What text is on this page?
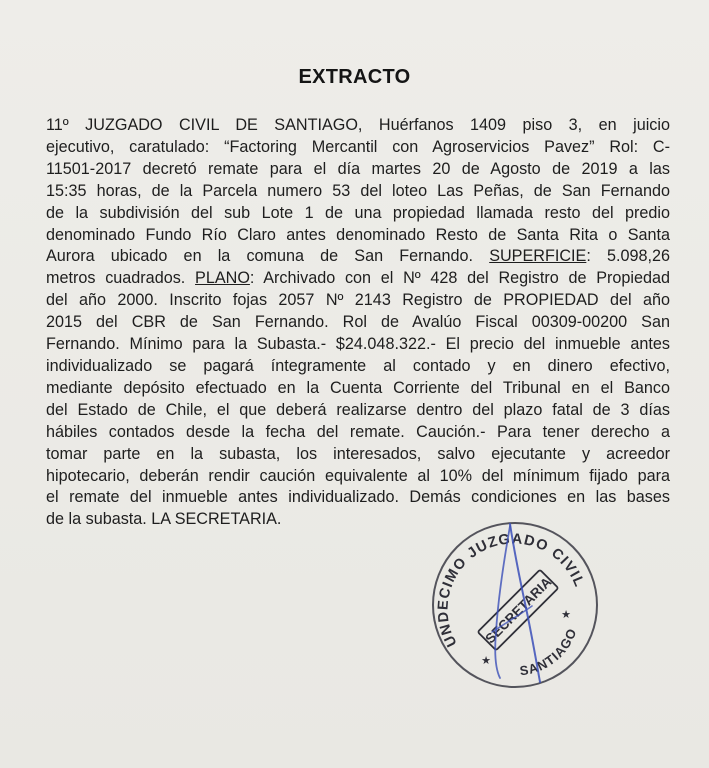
EXTRACTO
11º JUZGADO CIVIL DE SANTIAGO, Huérfanos 1409 piso 3, en juicio
ejecutivo, caratulado: “Factoring Mercantil con Agroservicios Pavez” Rol: C-
11501-2017 decretó remate para el día martes 20 de Agosto de 2019 a las
15:35 horas, de la Parcela numero 53 del loteo Las Peñas, de San Fernando
de la subdivisión del sub Lote 1 de una propiedad llamada resto del predio
denominado Fundo Río Claro antes denominado Resto de Santa Rita o Santa
Aurora ubicado en la comuna de San Fernando. SUPERFICIE: 5.098,26
metros cuadrados. PLANO: Archivado con el Nº 428 del Registro de Propiedad
del año 2000. Inscrito fojas 2057 Nº 2143 Registro de PROPIEDAD del año
2015 del CBR de San Fernando. Rol de Avalúo Fiscal 00309-00200 San
Fernando. Mínimo para la Subasta.- $24.048.322.- El precio del inmueble antes
individualizado se pagará íntegramente al contado y en dinero efectivo,
mediante depósito efectuado en la Cuenta Corriente del Tribunal en el Banco
del Estado de Chile, el que deberá realizarse dentro del plazo fatal de 3 días
hábiles contados desde la fecha del remate. Caución.- Para tener derecho a
tomar parte en la subasta, los interesados, salvo ejecutante y acreedor
hipotecario, deberán rendir caución equivalente al 10% del mínimum fijado para
el remate del inmueble antes individualizado. Demás condiciones en las bases
de la subasta. LA SECRETARIA.
UNDECIMO JUZGADO CIVIL
SANTIAGO
SECRETARIA ★
★
